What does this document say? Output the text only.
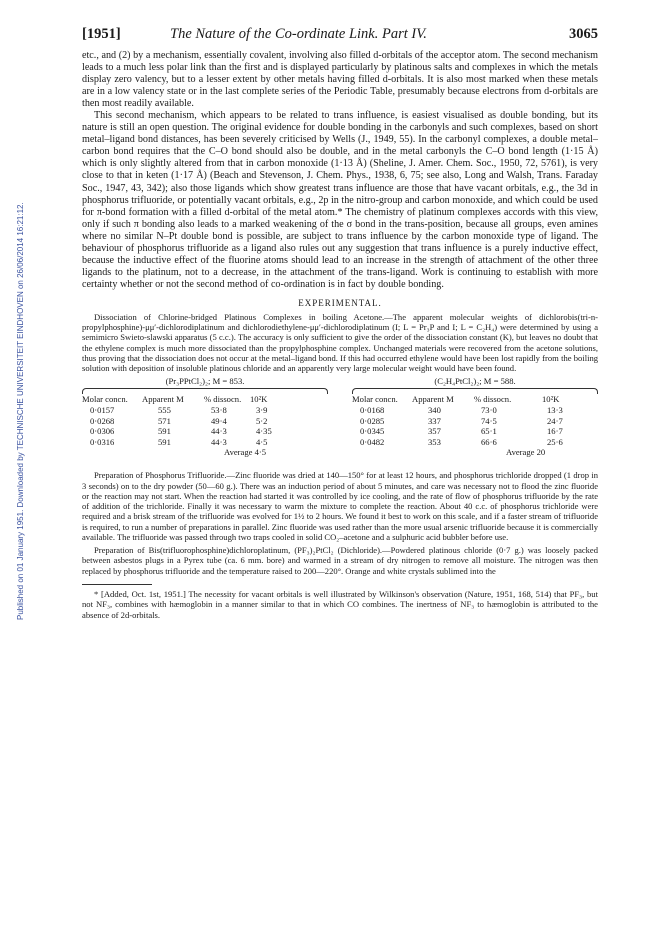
Published on 01 January 1951. Downloaded by TECHNISCHE UNIVERSITEIT EINDHOVEN on 26/06/2014 16:21:12.
[1951]	The Nature of the Co-ordinate Link. Part IV.	3065

etc., and (2) by a mechanism, essentially covalent, involving also filled d-orbitals of the acceptor atom. The second mechanism leads to a much less polar link than the first and is displayed particularly by platinous salts and complexes in which the metals display zero valency, but to a lesser extent by other metals having filled d-orbitals. It is also most marked when these metals are in a low valency state or in the last complete series of the Periodic Table, presumably because electrons from d-orbitals are then most readily available.

This second mechanism, which appears to be related to trans influence, is easiest visualised as double bonding, but its nature is still an open question. The original evidence for double bonding in the carbonyls and such complexes, based on short metal–ligand bond distances, has been severely criticised by Wells (J., 1949, 55). In the carbonyl complexes, a double metal–carbon bond requires that the C–O bond should also be double, and in the metal carbonyls the C–O bond length (1·15 Å) which is only slightly altered from that in carbon monoxide (1·13 Å) (Sheline, J. Amer. Chem. Soc., 1950, 72, 5761), is very close to that in keten (1·17 Å) (Beach and Stevenson, J. Chem. Phys., 1938, 6, 75; see also, Long and Walsh, Trans. Faraday Soc., 1947, 43, 342); also those ligands which show greatest trans influence are those that have vacant orbitals, e.g., the 3d in phosphorus trifluoride, or potentially vacant orbitals, e.g., 2p in the nitro-group and carbon monoxide, and which could be used for π-bond formation with a filled d-orbital of the metal atom.* The chemistry of platinum complexes accords with this view, only if such π bonding also leads to a marked weakening of the σ bond in the trans-position, because all groups, even amines where no similar N–Pt double bond is possible, are subject to trans influence by the carbon monoxide type of ligand. The behaviour of phosphorus trifluoride as a ligand also rules out any suggestion that trans influence is a purely inductive effect, because the inductive effect of the fluorine atoms should lead to an increase in the strength of attachment of the other three ligands to the platinum, not to a decrease, in the attachment of the trans-ligand. Work is continuing to establish with more certainty whether or not the second method of co-ordination is in fact by double bonding.

EXPERIMENTAL.

Dissociation of Chlorine-bridged Platinous Complexes in boiling Acetone.—The apparent molecular weights of dichlorobis(tri-n-propylphosphine)-μμ′-dichlorodiplatinum and dichlorodiethylene-μμ′-dichlorodiplatinum (I; L = Pr₃P and I; L = C₂H₄) were determined by using a semimicro Swieto-slawski apparatus (5 c.c.). The accuracy is only sufficient to give the order of the dissociation constant (K), but leaves no doubt that the ethylene complex is much more dissociated than the propylphosphine complex. Unchanged materials were recovered from the acetone solutions, thus proving that the dissociation does not occur at the metal–ligand bond. If this had occurred ethylene would have been lost rapidly from the boiling solution with deposition of insoluble platinous chloride and an apparently very large molecular weight would have been found.

(Pr₃PPtCl₂)₂; M = 853.
Molar concn. Apparent M % dissocn. 10²K
0·0157	555	53·8	3·9
0·0268	571	49·4	5·2
0·0306	591	44·3	4·35
0·0316	591	44·3	4·5
Average 4·5
(C₂H₄PtCl₂)₂; M = 588.
Molar concn. Apparent M % dissocn.	10²K
0·0168	340	73·0	13·3
0·0285	337	74·5	24·7
0·0345	357	65·1	16·7
0·0482	353	66·6	25·6
Average 20

Preparation of Phosphorus Trifluoride.—Zinc fluoride was dried at 140—150° for at least 12 hours, and phosphorus trichloride dropped (1 drop in 3 seconds) on to the dry powder (50—60 g.). There was an induction period of about 5 minutes, and care was necessary not to flood the zinc fluoride or the reaction may not start. When the reaction had started it was controlled by ice cooling, and the rate of flow of phosphorus trifluoride by the rate of addition of the trichloride. Finally it was necessary to warm the mixture to complete the reaction. About 40 c.c. of phosphorus trichloride were required and a brisk stream of the trifluoride was evolved for 1½ to 2 hours. We found it best to work on this scale, and if a faster stream of trifluoride is required, to run a number of preparations in parallel. Zinc fluoride was used rather than the more usual arsenic trifluoride because it is commercially available. The trifluoride was passed through two traps cooled in solid CO₂–acetone and a sulphuric acid bubbler before use.

Preparation of Bis(trifluorophosphine)dichloroplatinum, (PF₃)₂PtCl₂ (Dichloride).—Powdered platinous chloride (0·7 g.) was loosely packed between asbestos plugs in a Pyrex tube (ca. 6 mm. bore) and warmed in a stream of dry nitrogen to remove all moisture. The nitrogen was then replaced by phosphorus trifluoride and the temperature raised to 200—220°. Orange and white crystals sublimed into the

* [Added, Oct. 1st, 1951.] The necessity for vacant orbitals is well illustrated by Wilkinson's observation (Nature, 1951, 168, 514) that PF₃, but not NF₃, combines with hæmoglobin in a manner similar to that in which CO combines. The inertness of NF₃ to hæmoglobin is attributed to the absence of 2d-orbitals.
